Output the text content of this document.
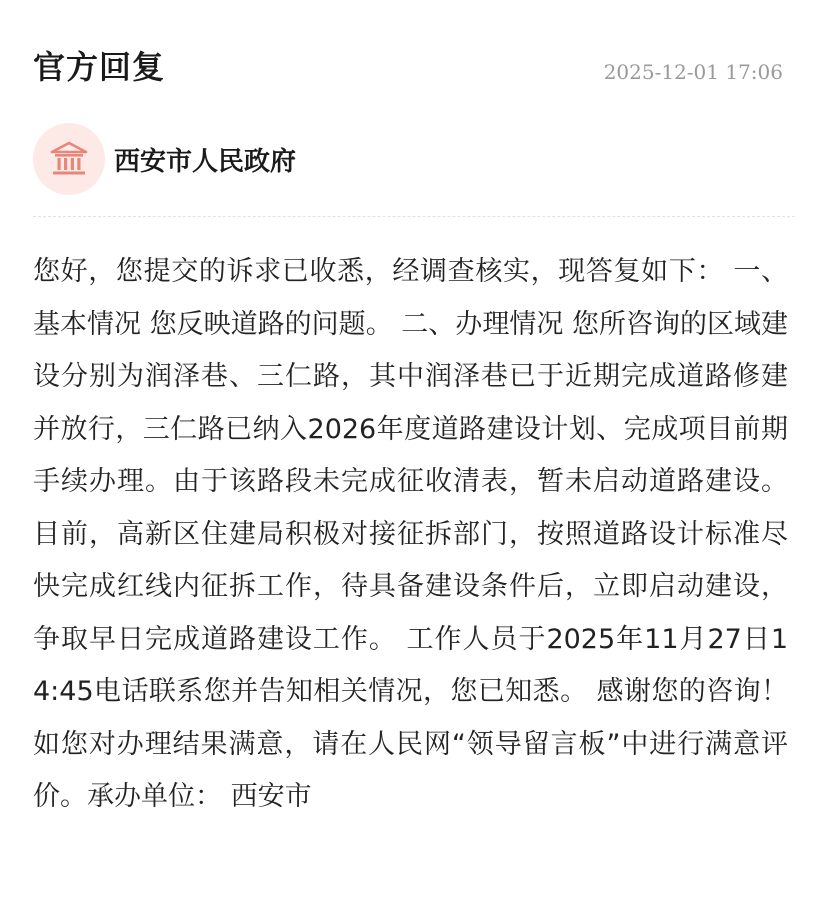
官方回复	2025-12-01 17:06
西安市人民政府
您好，您提交的诉求已收悉，经调查核实，现答复如下： 一、基本情况 您反映道路的问题。 二、办理情况 您所咨询的区域建设分别为润泽巷、三仁路，其中润泽巷已于近期完成道路修建并放行，三仁路已纳入2026年度道路建设计划、完成项目前期手续办理。由于该路段未完成征收清表，暂未启动道路建设。目前，高新区住建局积极对接征拆部门，按照道路设计标准尽快完成红线内征拆工作，待具备建设条件后，立即启动建设，争取早日完成道路建设工作。 工作人员于2025年11月27日14:45电话联系您并告知相关情况，您已知悉。 感谢您的咨询！如您对办理结果满意，请在人民网“领导留言板”中进行满意评价。承办单位： 西安市
